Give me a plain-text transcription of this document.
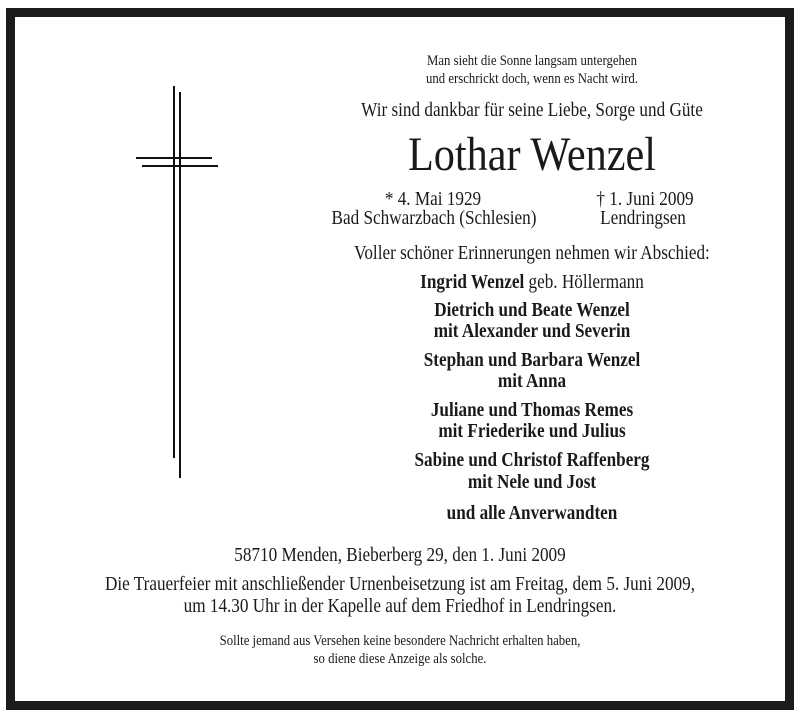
Man sieht die Sonne langsam untergehen
und erschrickt doch, wenn es Nacht wird.
Wir sind dankbar für seine Liebe, Sorge und Güte
Lothar Wenzel
* 4. Mai 1929
Bad Schwarzbach (Schlesien)
† 1. Juni 2009
Lendringsen
Voller schöner Erinnerungen nehmen wir Abschied:
Ingrid Wenzel geb. Höllermann
Dietrich und Beate Wenzel
mit Alexander und Severin
Stephan und Barbara Wenzel
mit Anna
Juliane und Thomas Remes
mit Friederike und Julius
Sabine und Christof Raffenberg
mit Nele und Jost
und alle Anverwandten
58710 Menden, Bieberberg 29, den 1. Juni 2009
Die Trauerfeier mit anschließender Urnenbeisetzung ist am Freitag, dem 5. Juni 2009,
um 14.30 Uhr in der Kapelle auf dem Friedhof in Lendringsen.
Sollte jemand aus Versehen keine besondere Nachricht erhalten haben,
so diene diese Anzeige als solche.
